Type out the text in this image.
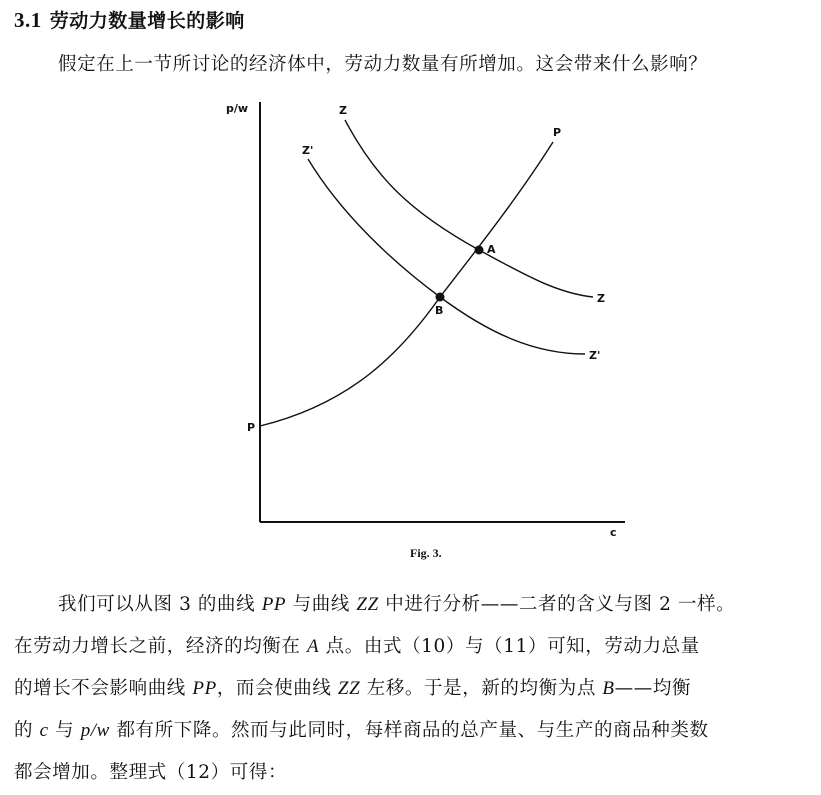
3.1 劳动力数量增长的影响
假定在上一节所讨论的经济体中，劳动力数量有所增加。这会带来什么影响？
p/w
c
P
P
Z
Z
Z'
Z'
A
B
Fig. 3.
我们可以从图 3 的曲线 PP 与曲线 ZZ 中进行分析——二者的含义与图 2 一样。
在劳动力增长之前，经济的均衡在 A 点。由式（10）与（11）可知，劳动力总量
的增长不会影响曲线 PP，而会使曲线 ZZ 左移。于是，新的均衡为点 B——均衡
的 c 与 p/w 都有所下降。然而与此同时，每样商品的总产量、与生产的商品种类数
都会增加。整理式（12）可得：
